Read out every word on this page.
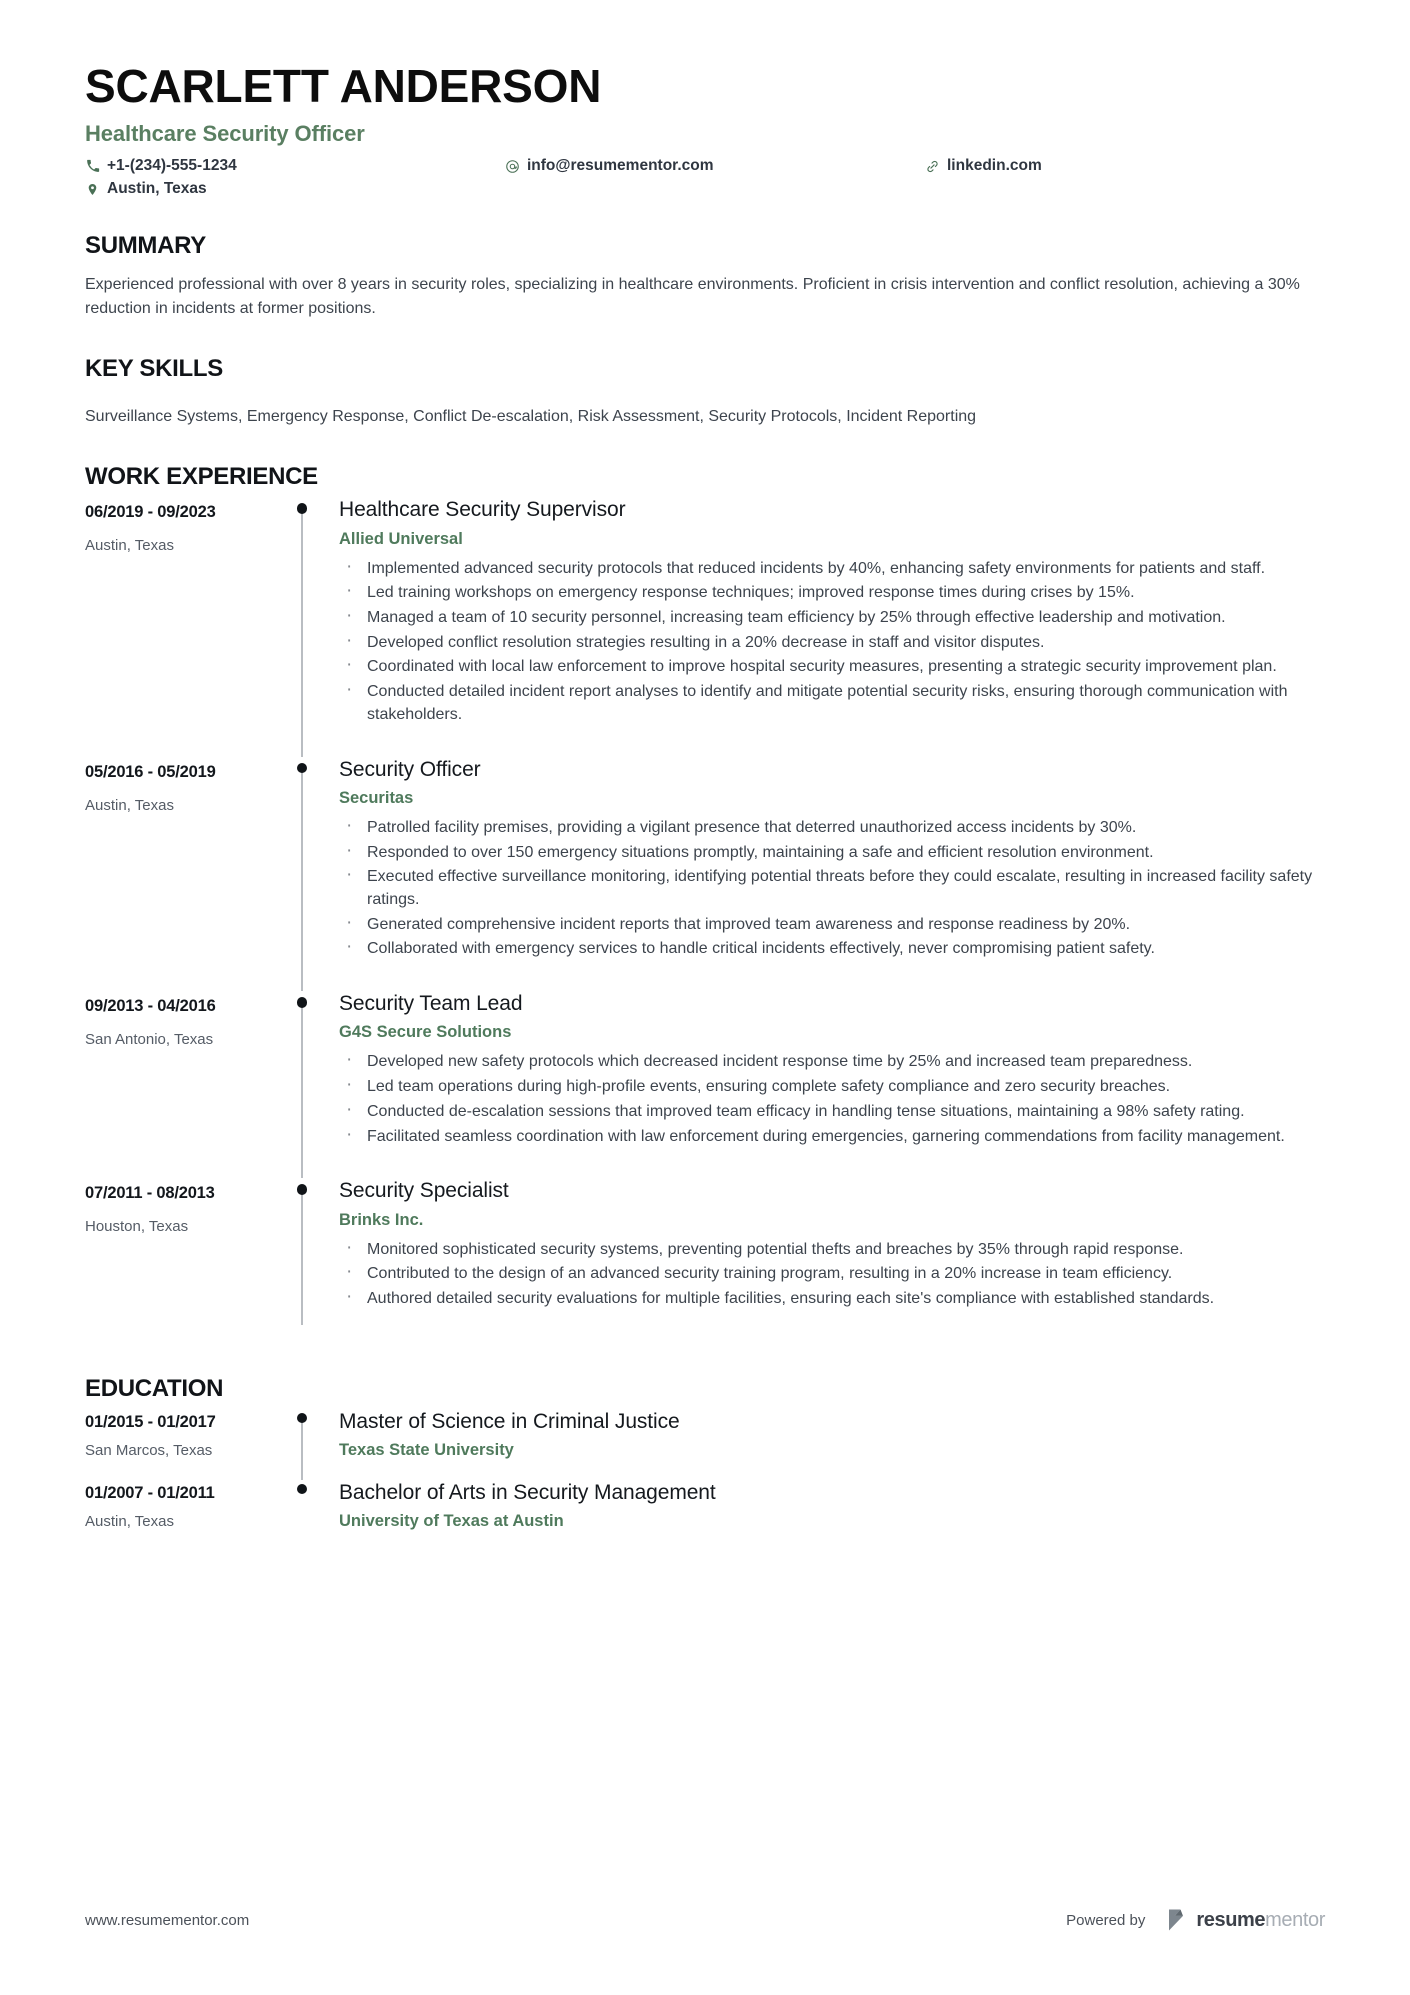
SCARLETT ANDERSON
Healthcare Security Officer
+1-(234)-555-1234	info@resumementor.com	linkedin.com
Austin, Texas
SUMMARY
Experienced professional with over 8 years in security roles, specializing in healthcare environments. Proficient in crisis intervention and conflict resolution, achieving a 30% reduction in incidents at former positions.
KEY SKILLS
Surveillance Systems, Emergency Response, Conflict De-escalation, Risk Assessment, Security Protocols, Incident Reporting
WORK EXPERIENCE
06/2019 - 09/2023
Austin, Texas
Healthcare Security Supervisor
Allied Universal
· Implemented advanced security protocols that reduced incidents by 40%, enhancing safety environments for patients and staff.
· Led training workshops on emergency response techniques; improved response times during crises by 15%.
· Managed a team of 10 security personnel, increasing team efficiency by 25% through effective leadership and motivation.
· Developed conflict resolution strategies resulting in a 20% decrease in staff and visitor disputes.
· Coordinated with local law enforcement to improve hospital security measures, presenting a strategic security improvement plan.
· Conducted detailed incident report analyses to identify and mitigate potential security risks, ensuring thorough communication with stakeholders.
05/2016 - 05/2019
Austin, Texas
Security Officer
Securitas
· Patrolled facility premises, providing a vigilant presence that deterred unauthorized access incidents by 30%.
· Responded to over 150 emergency situations promptly, maintaining a safe and efficient resolution environment.
· Executed effective surveillance monitoring, identifying potential threats before they could escalate, resulting in increased facility safety ratings.
· Generated comprehensive incident reports that improved team awareness and response readiness by 20%.
· Collaborated with emergency services to handle critical incidents effectively, never compromising patient safety.
09/2013 - 04/2016
San Antonio, Texas
Security Team Lead
G4S Secure Solutions
· Developed new safety protocols which decreased incident response time by 25% and increased team preparedness.
· Led team operations during high-profile events, ensuring complete safety compliance and zero security breaches.
· Conducted de-escalation sessions that improved team efficacy in handling tense situations, maintaining a 98% safety rating.
· Facilitated seamless coordination with law enforcement during emergencies, garnering commendations from facility management.
07/2011 - 08/2013
Houston, Texas
Security Specialist
Brinks Inc.
· Monitored sophisticated security systems, preventing potential thefts and breaches by 35% through rapid response.
· Contributed to the design of an advanced security training program, resulting in a 20% increase in team efficiency.
· Authored detailed security evaluations for multiple facilities, ensuring each site's compliance with established standards.
EDUCATION
01/2015 - 01/2017
San Marcos, Texas
Master of Science in Criminal Justice
Texas State University
01/2007 - 01/2011
Austin, Texas
Bachelor of Arts in Security Management
University of Texas at Austin
www.resumementor.com	Powered by	resumementor
